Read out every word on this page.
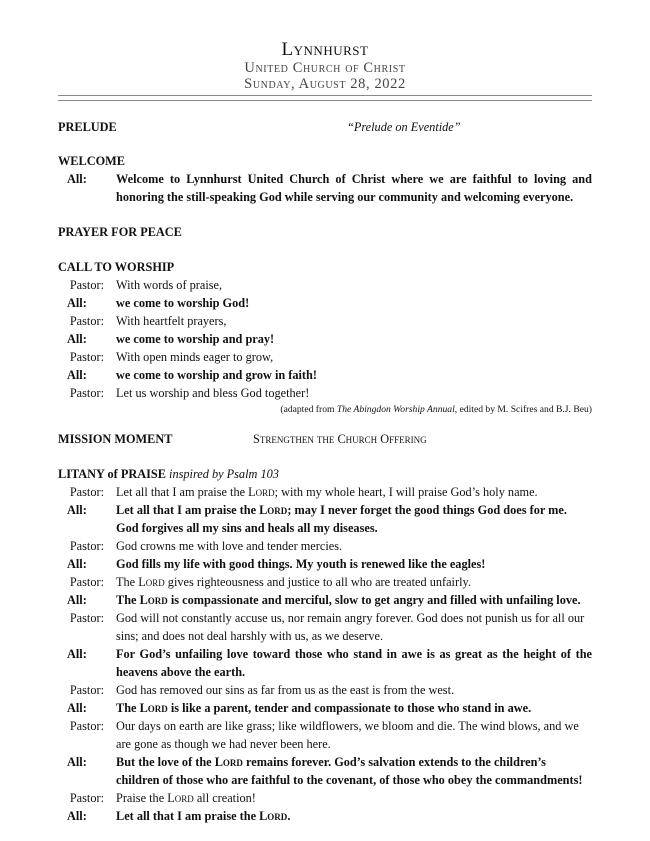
Lynnhurst
United Church of Christ
Sunday, August 28, 2022
PRELUDE	“Prelude on Eventide”
WELCOME
All:	Welcome to Lynnhurst United Church of Christ where we are faithful to loving and honoring the still-speaking God while serving our community and welcoming everyone.
PRAYER FOR PEACE
CALL TO WORSHIP
Pastor: With words of praise,
All:	we come to worship God!
Pastor: With heartfelt prayers,
All:	we come to worship and pray!
Pastor: With open minds eager to grow,
All:	we come to worship and grow in faith!
Pastor: Let us worship and bless God together!
(adapted from The Abingdon Worship Annual, edited by M. Scifres and B.J. Beu)
MISSION MOMENT	Strengthen the Church Offering
LITANY of PRAISE inspired by Psalm 103
Pastor: Let all that I am praise the Lord; with my whole heart, I will praise God’s holy name.
All:	Let all that I am praise the Lord; may I never forget the good things God does for me. God forgives all my sins and heals all my diseases.
Pastor: God crowns me with love and tender mercies.
All:	God fills my life with good things. My youth is renewed like the eagles!
Pastor: The Lord gives righteousness and justice to all who are treated unfairly.
All:	The Lord is compassionate and merciful, slow to get angry and filled with unfailing love.
Pastor: God will not constantly accuse us, nor remain angry forever. God does not punish us for all our sins; and does not deal harshly with us, as we deserve.
All:	For God’s unfailing love toward those who stand in awe is as great as the height of the heavens above the earth.
Pastor: God has removed our sins as far from us as the east is from the west.
All:	The Lord is like a parent, tender and compassionate to those who stand in awe.
Pastor: Our days on earth are like grass; like wildflowers, we bloom and die. The wind blows, and we are gone as though we had never been here.
All:	But the love of the Lord remains forever. God’s salvation extends to the children’s children of those who are faithful to the covenant, of those who obey the commandments!
Pastor: Praise the Lord all creation!
All:	Let all that I am praise the Lord.
